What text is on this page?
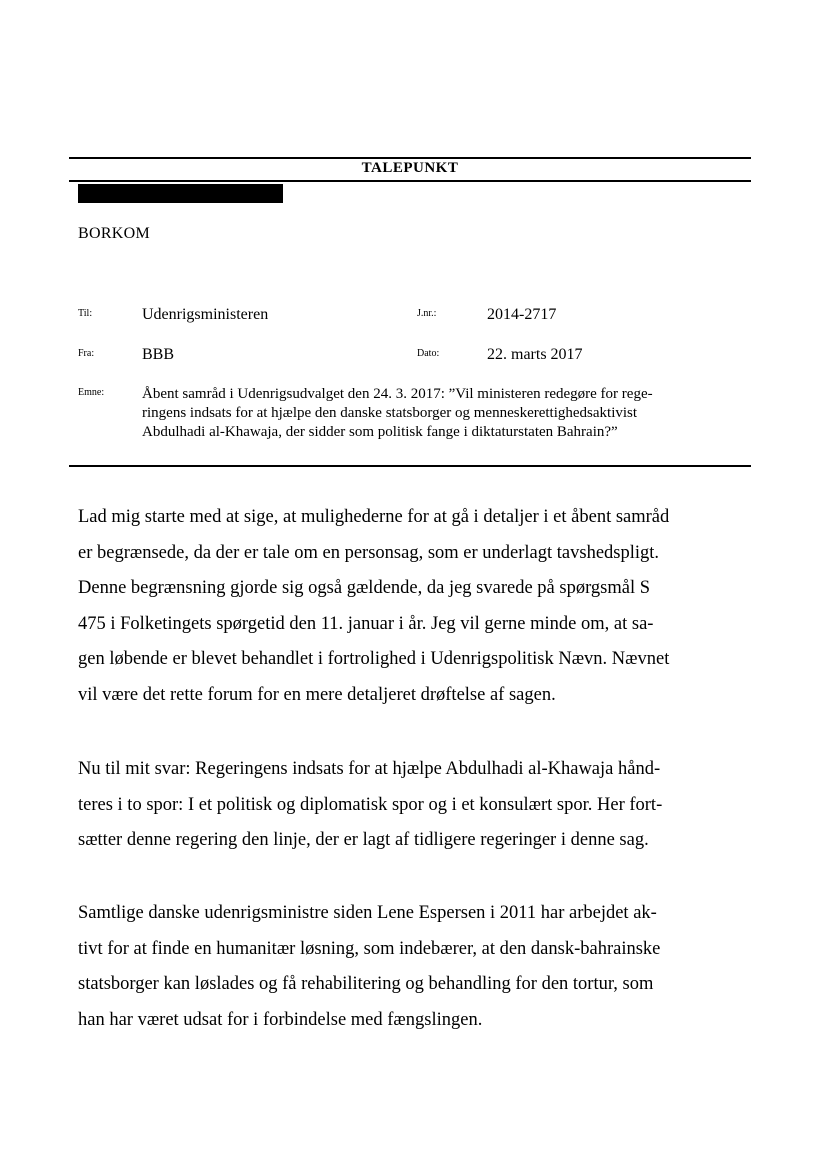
TALEPUNKT
BORKOM
Til:	Udenrigsministeren	J.nr.:	2014-2717
Fra:	BBB	Dato:	22. marts 2017
Emne:	Åbent samråd i Udenrigsudvalget den 24. 3. 2017: ”Vil ministeren redegøre for rege-
ringens indsats for at hjælpe den danske statsborger og menneskerettighedsaktivist
Abdulhadi al-Khawaja, der sidder som politisk fange i diktaturstaten Bahrain?”
Lad mig starte med at sige, at mulighederne for at gå i detaljer i et åbent samråd
er begrænsede, da der er tale om en personsag, som er underlagt tavshedspligt.
Denne begrænsning gjorde sig også gældende, da jeg svarede på spørgsmål S
475 i Folketingets spørgetid den 11. januar i år. Jeg vil gerne minde om, at sa-
gen løbende er blevet behandlet i fortrolighed i Udenrigspolitisk Nævn. Nævnet
vil være det rette forum for en mere detaljeret drøftelse af sagen.
Nu til mit svar: Regeringens indsats for at hjælpe Abdulhadi al-Khawaja hånd-
teres i to spor: I et politisk og diplomatisk spor og i et konsulært spor. Her fort-
sætter denne regering den linje, der er lagt af tidligere regeringer i denne sag.
Samtlige danske udenrigsministre siden Lene Espersen i 2011 har arbejdet ak-
tivt for at finde en humanitær løsning, som indebærer, at den dansk-bahrainske
statsborger kan løslades og få rehabilitering og behandling for den tortur, som
han har været udsat for i forbindelse med fængslingen.
